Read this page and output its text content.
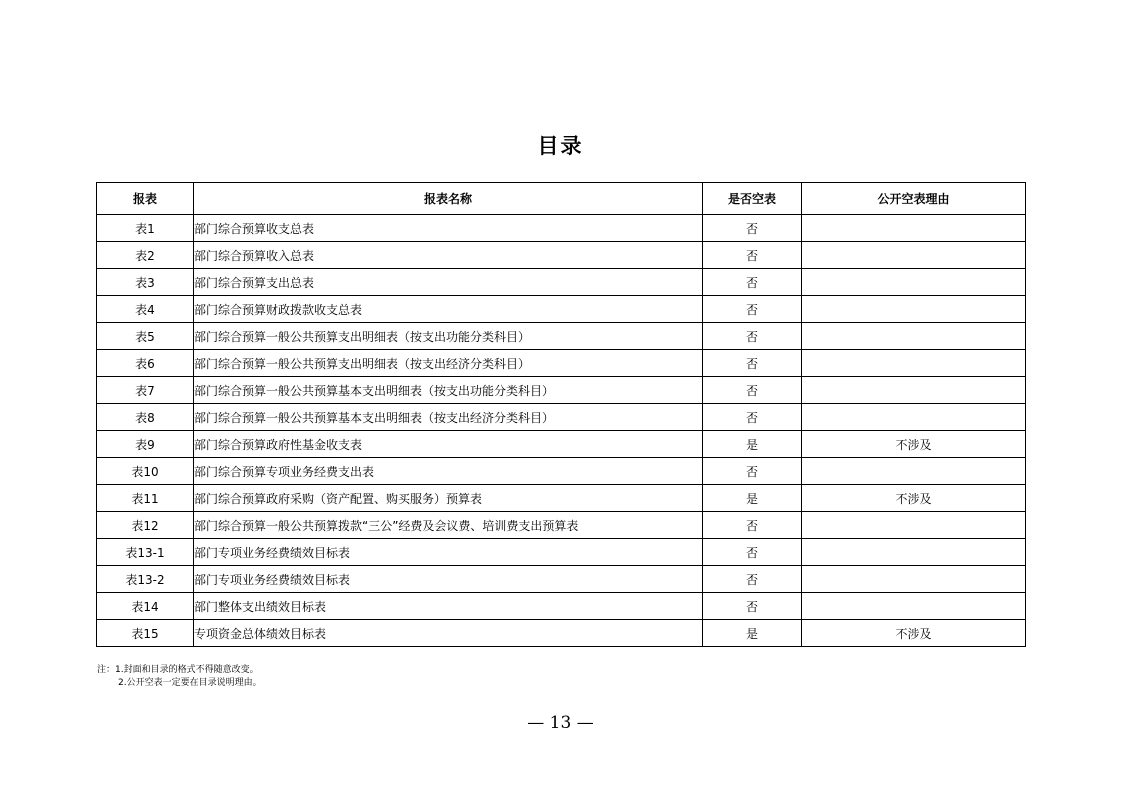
目录
报表	报表名称	是否空表	公开空表理由
表1	部门综合预算收支总表	否	
表2	部门综合预算收入总表	否	
表3	部门综合预算支出总表	否	
表4	部门综合预算财政拨款收支总表	否	
表5	部门综合预算一般公共预算支出明细表（按支出功能分类科目）	否	
表6	部门综合预算一般公共预算支出明细表（按支出经济分类科目）	否	
表7	部门综合预算一般公共预算基本支出明细表（按支出功能分类科目）	否	
表8	部门综合预算一般公共预算基本支出明细表（按支出经济分类科目）	否	
表9	部门综合预算政府性基金收支表	是	不涉及
表10	部门综合预算专项业务经费支出表	否	
表11	部门综合预算政府采购（资产配置、购买服务）预算表	是	不涉及
表12	部门综合预算一般公共预算拨款“三公”经费及会议费、培训费支出预算表	否	
表13-1	部门专项业务经费绩效目标表	否	
表13-2	部门专项业务经费绩效目标表	否	
表14	部门整体支出绩效目标表	否	
表15	专项资金总体绩效目标表	是	不涉及
注：1.封面和目录的格式不得随意改变。
2.公开空表一定要在目录说明理由。
— 13 —
